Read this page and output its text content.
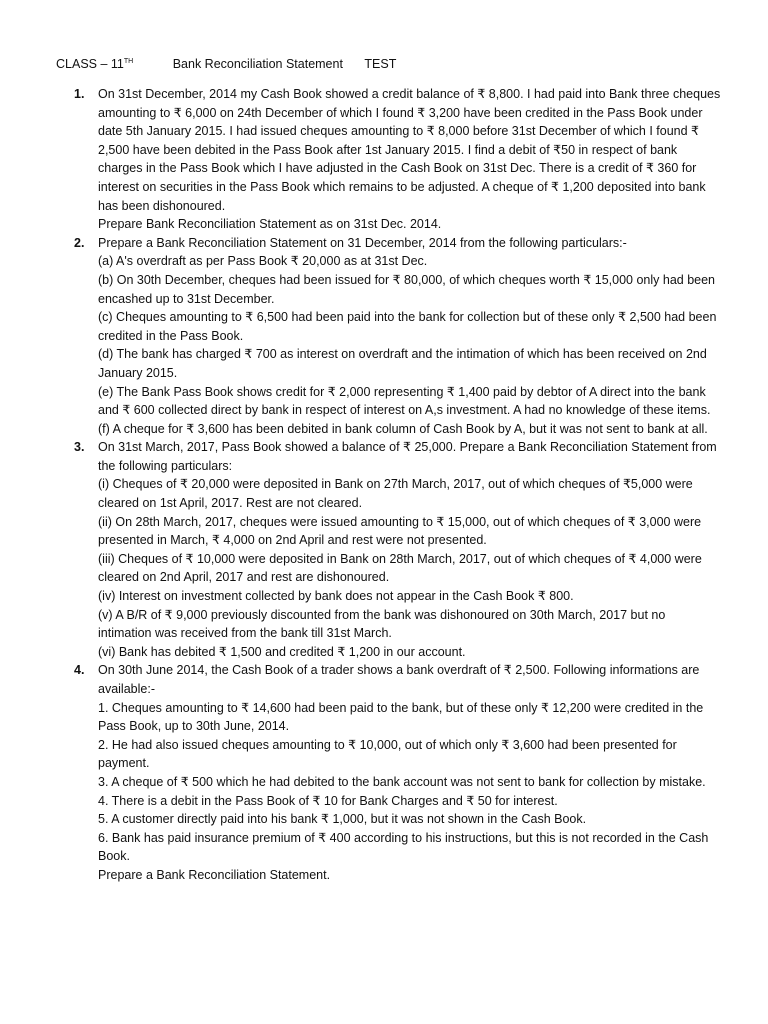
CLASS – 11TH	Bank Reconciliation Statement TEST
1. On 31st December, 2014 my Cash Book showed a credit balance of ₹ 8,800. I had paid into Bank three cheques amounting to ₹ 6,000 on 24th December of which I found ₹ 3,200 have been credited in the Pass Book under date 5th January 2015. I had issued cheques amounting to ₹ 8,000 before 31st December of which I found ₹ 2,500 have been debited in the Pass Book after 1st January 2015. I find a debit of ₹50 in respect of bank charges in the Pass Book which I have adjusted in the Cash Book on 31st Dec. There is a credit of ₹ 360 for interest on securities in the Pass Book which remains to be adjusted. A cheque of ₹ 1,200 deposited into bank has been dishonoured.

Prepare Bank Reconciliation Statement as on 31st Dec. 2014.

2. Prepare a Bank Reconciliation Statement on 31 December, 2014 from the following particulars:-

(a) A's overdraft as per Pass Book ₹ 20,000 as at 31st Dec.

(b) On 30th December, cheques had been issued for ₹ 80,000, of which cheques worth ₹ 15,000 only had been encashed up to 31st December.

(c) Cheques amounting to ₹ 6,500 had been paid into the bank for collection but of these only ₹ 2,500 had been credited in the Pass Book.

(d) The bank has charged ₹ 700 as interest on overdraft and the intimation of which has been received on 2nd January 2015.

(e) The Bank Pass Book shows credit for ₹ 2,000 representing ₹ 1,400 paid by debtor of A direct into the bank and ₹ 600 collected direct by bank in respect of interest on A,s investment. A had no knowledge of these items.

(f) A cheque for ₹ 3,600 has been debited in bank column of Cash Book by A, but it was not sent to bank at all.

3. On 31st March, 2017, Pass Book showed a balance of ₹ 25,000. Prepare a Bank Reconciliation Statement from the following particulars:

(i) Cheques of ₹ 20,000 were deposited in Bank on 27th March, 2017, out of which cheques of ₹5,000 were cleared on 1st April, 2017. Rest are not cleared.

(ii) On 28th March, 2017, cheques were issued amounting to ₹ 15,000, out of which cheques of ₹ 3,000 were presented in March, ₹ 4,000 on 2nd April and rest were not presented.

(iii) Cheques of ₹ 10,000 were deposited in Bank on 28th March, 2017, out of which cheques of ₹ 4,000 were cleared on 2nd April, 2017 and rest are dishonoured.

(iv) Interest on investment collected by bank does not appear in the Cash Book ₹ 800.

(v) A B/R of ₹ 9,000 previously discounted from the bank was dishonoured on 30th March, 2017 but no intimation was received from the bank till 31st March.

(vi) Bank has debited ₹ 1,500 and credited ₹ 1,200 in our account.

4. On 30th June 2014, the Cash Book of a trader shows a bank overdraft of ₹ 2,500. Following informations are available:-

1. Cheques amounting to ₹ 14,600 had been paid to the bank, but of these only ₹ 12,200 were credited in the Pass Book, up to 30th June, 2014.

2. He had also issued cheques amounting to ₹ 10,000, out of which only ₹ 3,600 had been presented for payment.

3. A cheque of ₹ 500 which he had debited to the bank account was not sent to bank for collection by mistake.

4. There is a debit in the Pass Book of ₹ 10 for Bank Charges and ₹ 50 for interest.

5. A customer directly paid into his bank ₹ 1,000, but it was not shown in the Cash Book.

6. Bank has paid insurance premium of ₹ 400 according to his instructions, but this is not recorded in the Cash Book.

Prepare a Bank Reconciliation Statement.
